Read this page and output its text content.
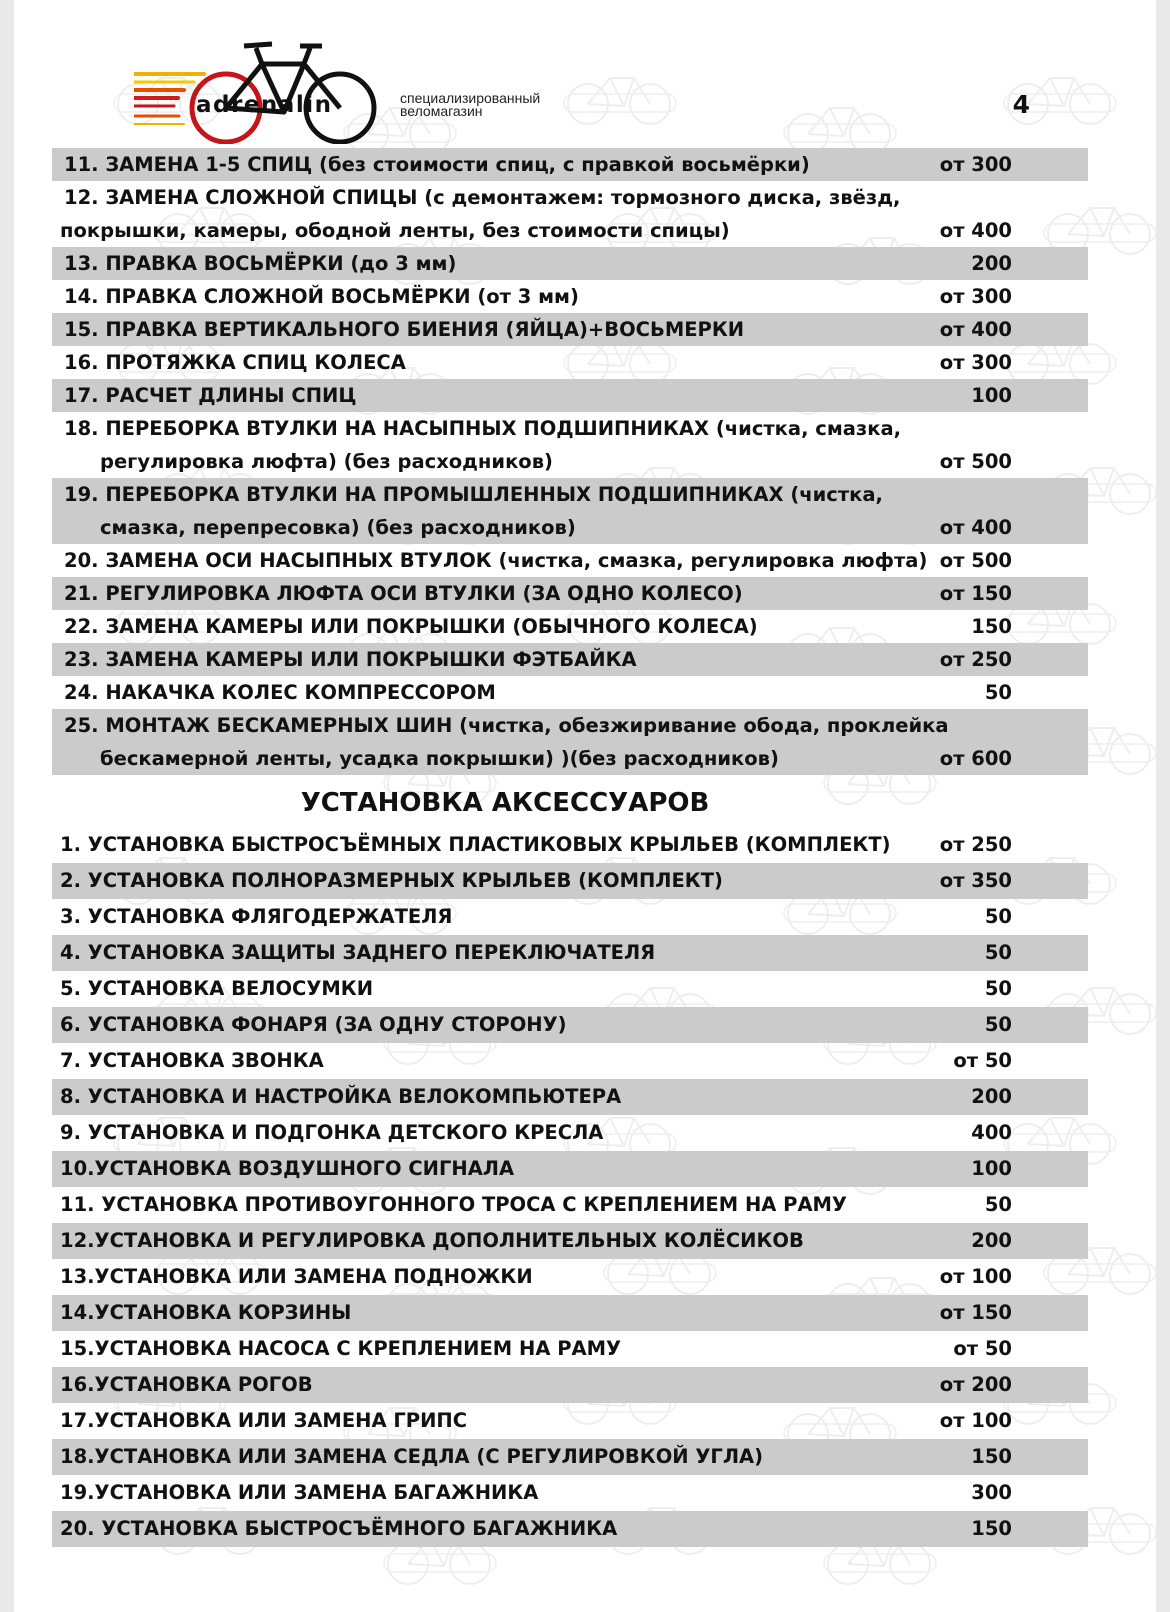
adrenalin	специализированный
веломагазин	4
11. ЗАМЕНА 1-5 СПИЦ (без стоимости спиц, с правкой восьмёрки)	от 300
12. ЗАМЕНА СЛОЖНОЙ СПИЦЫ (с демонтажем: тормозного диска, звёзд,
покрышки, камеры, ободной ленты, без стоимости спицы)	от 400
13. ПРАВКА ВОСЬМЁРКИ (до 3 мм)	200
14. ПРАВКА СЛОЖНОЙ ВОСЬМЁРКИ (от 3 мм)	от 300
15. ПРАВКА ВЕРТИКАЛЬНОГО БИЕНИЯ (ЯЙЦА)+ВОСЬМЕРКИ	от 400
16. ПРОТЯЖКА СПИЦ КОЛЕСА	от 300
17. РАСЧЕТ ДЛИНЫ СПИЦ	100
18. ПЕРЕБОРКА ВТУЛКИ НА НАСЫПНЫХ ПОДШИПНИКАХ (чистка, смазка,
регулировка люфта) (без расходников)	от 500
19. ПЕРЕБОРКА ВТУЛКИ НА ПРОМЫШЛЕННЫХ ПОДШИПНИКАХ (чистка,
смазка, перепресовка) (без расходников)	от 400
20. ЗАМЕНА ОСИ НАСЫПНЫХ ВТУЛОК (чистка, смазка, регулировка люфта) от 500
21. РЕГУЛИРОВКА ЛЮФТА ОСИ ВТУЛКИ (ЗА ОДНО КОЛЕСО)	от 150
22. ЗАМЕНА КАМЕРЫ ИЛИ ПОКРЫШКИ (ОБЫЧНОГО КОЛЕСА)	150
23. ЗАМЕНА КАМЕРЫ ИЛИ ПОКРЫШКИ ФЭТБАЙКА	от 250
24. НАКАЧКА КОЛЕС КОМПРЕССОРОМ	50
25. МОНТАЖ БЕСКАМЕРНЫХ ШИН (чистка, обезжиривание обода, проклейка
бескамерной ленты, усадка покрышки) )(без расходников)	от 600
УСТАНОВКА АКСЕССУАРОВ
1. УСТАНОВКА БЫСТРОСЪЁМНЫХ ПЛАСТИКОВЫХ КРЫЛЬЕВ (КОМПЛЕКТ)	от 250
2. УСТАНОВКА ПОЛНОРАЗМЕРНЫХ КРЫЛЬЕВ (КОМПЛЕКТ)	от 350
3. УСТАНОВКА ФЛЯГОДЕРЖАТЕЛЯ	50
4. УСТАНОВКА ЗАЩИТЫ ЗАДНЕГО ПЕРЕКЛЮЧАТЕЛЯ	50
5. УСТАНОВКА ВЕЛОСУМКИ	50
6. УСТАНОВКА ФОНАРЯ (ЗА ОДНУ СТОРОНУ)	50
7. УСТАНОВКА ЗВОНКА	от 50
8. УСТАНОВКА И НАСТРОЙКА ВЕЛОКОМПЬЮТЕРА	200
9. УСТАНОВКА И ПОДГОНКА ДЕТСКОГО КРЕСЛА	400
10.УСТАНОВКА ВОЗДУШНОГО СИГНАЛА	100
11. УСТАНОВКА ПРОТИВОУГОННОГО ТРОСА С КРЕПЛЕНИЕМ НА РАМУ	50
12.УСТАНОВКА И РЕГУЛИРОВКА ДОПОЛНИТЕЛЬНЫХ КОЛЁСИКОВ	200
13.УСТАНОВКА ИЛИ ЗАМЕНА ПОДНОЖКИ	от 100
14.УСТАНОВКА КОРЗИНЫ	от 150
15.УСТАНОВКА НАСОСА С КРЕПЛЕНИЕМ НА РАМУ	от 50
16.УСТАНОВКА РОГОВ	от 200
17.УСТАНОВКА ИЛИ ЗАМЕНА ГРИПС	от 100
18.УСТАНОВКА ИЛИ ЗАМЕНА СЕДЛА (С РЕГУЛИРОВКОЙ УГЛА)	150
19.УСТАНОВКА ИЛИ ЗАМЕНА БАГАЖНИКА	300
20. УСТАНОВКА БЫСТРОСЪЁМНОГО БАГАЖНИКА	150
